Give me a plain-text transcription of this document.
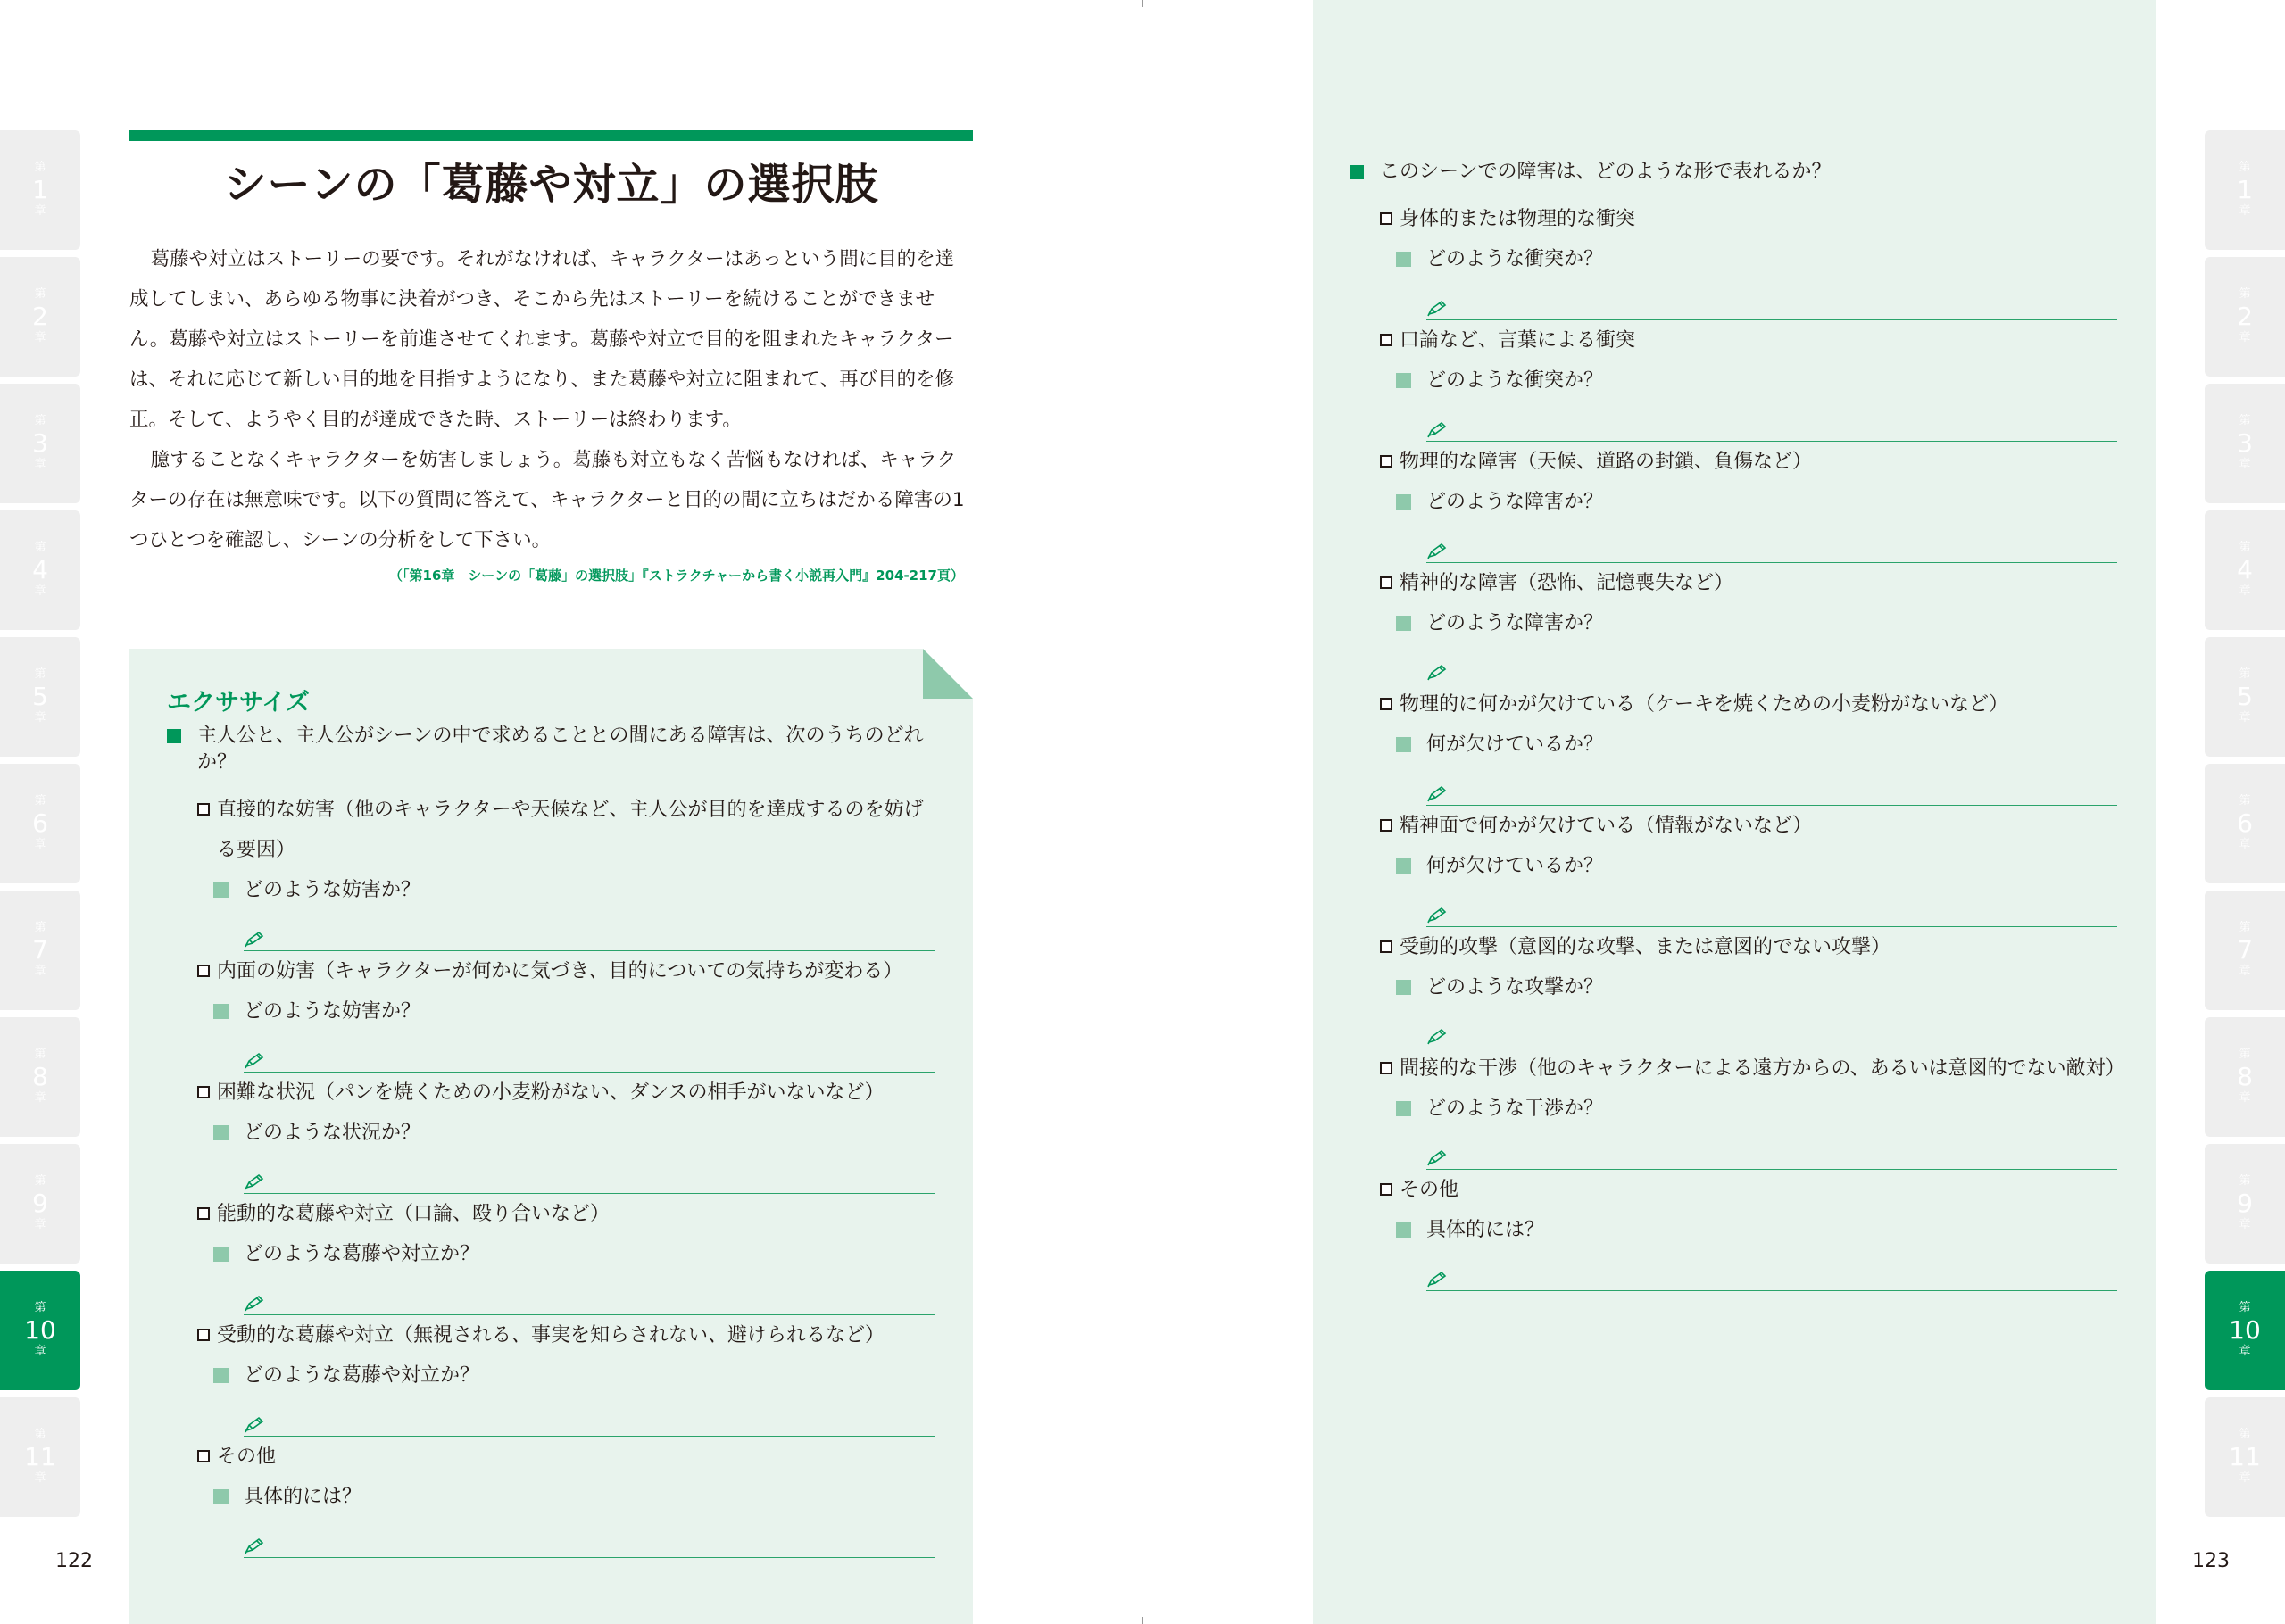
第
1
章
第
2
章
第
3
章
第
4
章
第
5
章
第
6
章
第
7
章
第
8
章
第
9
章
第
10
章
第
11
章
シーンの「葛藤や対立」の選択肢

葛藤や対立はストーリーの要です。それがなければ、キャラクターはあっという間に目的を達成してしまい、あらゆる物事に決着がつき、そこから先はストーリーを続けることができません。葛藤や対立はストーリーを前進させてくれます。葛藤や対立で目的を阻まれたキャラクターは、それに応じて新しい目的地を目指すようになり、また葛藤や対立に阻まれて、再び目的を修正。そして、ようやく目的が達成できた時、ストーリーは終わります。

臆することなくキャラクターを妨害しましょう。葛藤も対立もなく苦悩もなければ、キャラクターの存在は無意味です。以下の質問に答えて、キャラクターと目的の間に立ちはだかる障害の1つひとつを確認し、シーンの分析をして下さい。

（「第16章　シーンの「葛藤」の選択肢」『ストラクチャーから書く小説再入門』204-217頁）
エクササイズ
主人公と、主人公がシーンの中で求めることとの間にある障害は、次のうちのどれか？
直接的な妨害（他のキャラクターや天候など、主人公が目的を達成するのを妨げる要因）
どのような妨害か？
内面の妨害（キャラクターが何かに気づき、目的についての気持ちが変わる）
どのような妨害か？
困難な状況（パンを焼くための小麦粉がない、ダンスの相手がいないなど）
どのような状況か？
能動的な葛藤や対立（口論、殴り合いなど）
どのような葛藤や対立か？
受動的な葛藤や対立（無視される、事実を知らされない、避けられるなど）
どのような葛藤や対立か？
その他
具体的には？
122
第
1
章
第
2
章
第
3
章
第
4
章
第
5
章
第
6
章
第
7
章
第
8
章
第
9
章
第
10
章
第
11
章
123
このシーンでの障害は、どのような形で表れるか？
身体的または物理的な衝突
どのような衝突か？
口論など、言葉による衝突
どのような衝突か？
物理的な障害（天候、道路の封鎖、負傷など）
どのような障害か？
精神的な障害（恐怖、記憶喪失など）
どのような障害か？
物理的に何かが欠けている（ケーキを焼くための小麦粉がないなど）
何が欠けているか？
精神面で何かが欠けている（情報がないなど）
何が欠けているか？
受動的攻撃（意図的な攻撃、または意図的でない攻撃）
どのような攻撃か？
間接的な干渉（他のキャラクターによる遠方からの、あるいは意図的でない敵対）
どのような干渉か？
その他
具体的には？
